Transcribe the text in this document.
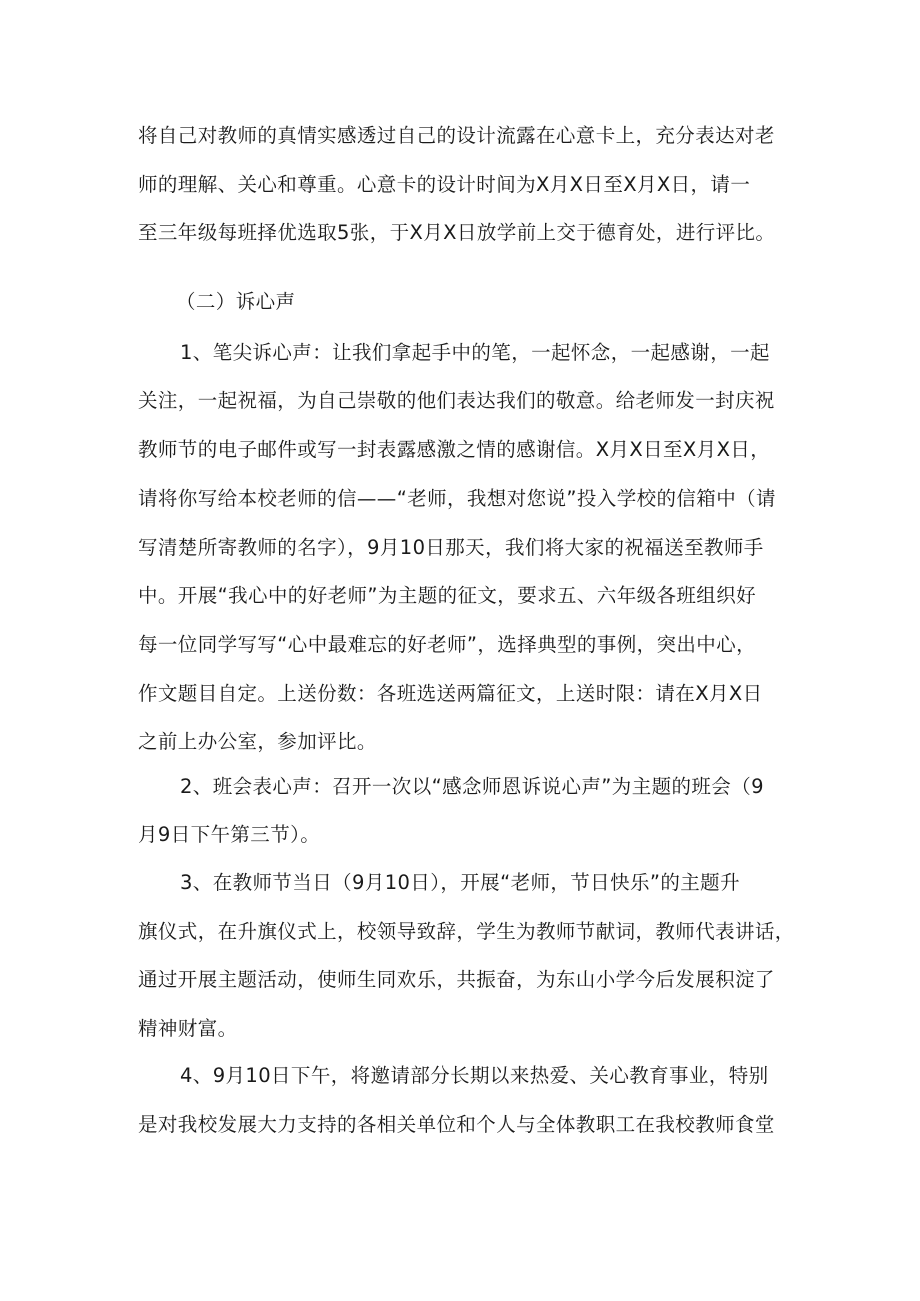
将自己对教师的真情实感透过自己的设计流露在心意卡上，充分表达对老
师的理解、关心和尊重。心意卡的设计时间为X月X日至X月X日，请一
至三年级每班择优选取5张，于X月X日放学前上交于德育处，进行评比。
（二）诉心声
1、笔尖诉心声：让我们拿起手中的笔，一起怀念，一起感谢，一起
关注，一起祝福，为自己崇敬的他们表达我们的敬意。给老师发一封庆祝
教师节的电子邮件或写一封表露感激之情的感谢信。X月X日至X月X日，
请将你写给本校老师的信——“老师，我想对您说”投入学校的信箱中（请
写清楚所寄教师的名字），9月10日那天，我们将大家的祝福送至教师手
中。开展“我心中的好老师”为主题的征文，要求五、六年级各班组织好
每一位同学写写“心中最难忘的好老师”，选择典型的事例，突出中心，
作文题目自定。上送份数：各班选送两篇征文，上送时限：请在X月X日
之前上办公室，参加评比。
2、班会表心声：召开一次以“感念师恩诉说心声”为主题的班会（9
月9日下午第三节）。
3、在教师节当日（9月10日），开展“老师，节日快乐”的主题升
旗仪式，在升旗仪式上，校领导致辞，学生为教师节献词，教师代表讲话，
通过开展主题活动，使师生同欢乐，共振奋，为东山小学今后发展积淀了
精神财富。
4、9月10日下午，将邀请部分长期以来热爱、关心教育事业，特别
是对我校发展大力支持的各相关单位和个人与全体教职工在我校教师食堂
